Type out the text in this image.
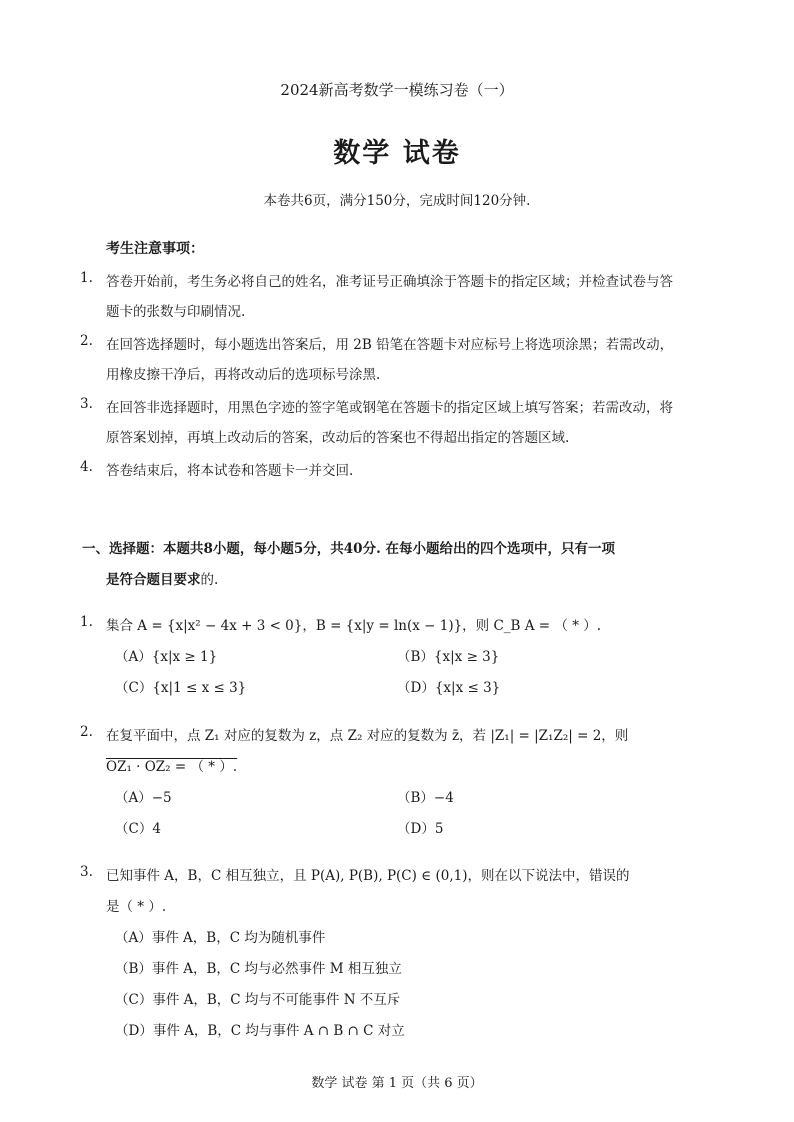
2024新高考数学一模练习卷（一）
数学 试卷
本卷共6页，满分150分，完成时间120分钟.
考生注意事项：
1. 答卷开始前，考生务必将自己的姓名，准考证号正确填涂于答题卡的指定区域；并检查试卷与答
题卡的张数与印刷情况.
2. 在回答选择题时，每小题选出答案后，用 2B 铅笔在答题卡对应标号上将选项涂黑；若需改动，
用橡皮擦干净后，再将改动后的选项标号涂黑.
3. 在回答非选择题时，用黑色字迹的签字笔或钢笔在答题卡的指定区域上填写答案；若需改动，将
原答案划掉，再填上改动后的答案，改动后的答案也不得超出指定的答题区域.
4. 答卷结束后，将本试卷和答题卡一并交回.
一、选择题：本题共8小题，每小题5分，共40分. 在每小题给出的四个选项中，只有一项
是符合题目要求的.
1. 集合 A = {x|x² − 4x + 3 < 0}，B = {x|y = ln(x − 1)}，则 C_B A = （ * ）.
（A）{x|x ≥ 1}	（B）{x|x ≥ 3}
（C）{x|1 ≤ x ≤ 3}	（D）{x|x ≤ 3}
2. 在复平面中，点 Z₁ 对应的复数为 z，点 Z₂ 对应的复数为 z̄，若 |Z₁| = |Z₁Z₂| = 2，则
OZ₁ · OZ₂ = （ * ）.
（A）−5	（B）−4
（C）4	（D）5
3. 已知事件 A，B，C 相互独立，且 P(A), P(B), P(C) ∈ (0,1)，则在以下说法中，错误的
是（ * ）.
（A）事件 A，B，C 均为随机事件
（B）事件 A，B，C 均与必然事件 M 相互独立
（C）事件 A，B，C 均与不可能事件 N 不互斥
（D）事件 A，B，C 均与事件 A ∩ B ∩ C 对立
数学 试卷 第 1 页（共 6 页）
